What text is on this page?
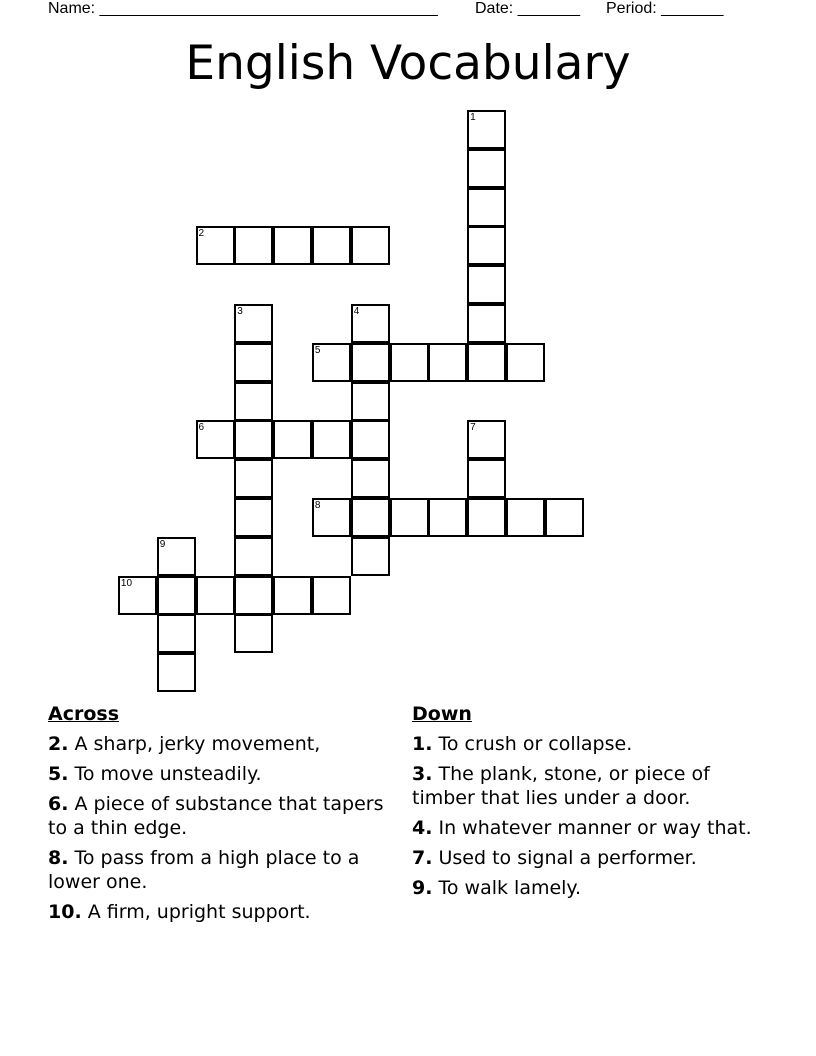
Name: ______________________________________ Date: _______ Period: _______
English Vocabulary
1
2
3	4
5
6	7
8
9
10
Across
2. A sharp, jerky movement,
5. To move unsteadily.
6. A piece of substance that tapers to a thin edge.
8. To pass from a high place to a lower one.
10. A firm, upright support.
Down
1. To crush or collapse.
3. The plank, stone, or piece of timber that lies under a door.
4. In whatever manner or way that.
7. Used to signal a performer.
9. To walk lamely.
